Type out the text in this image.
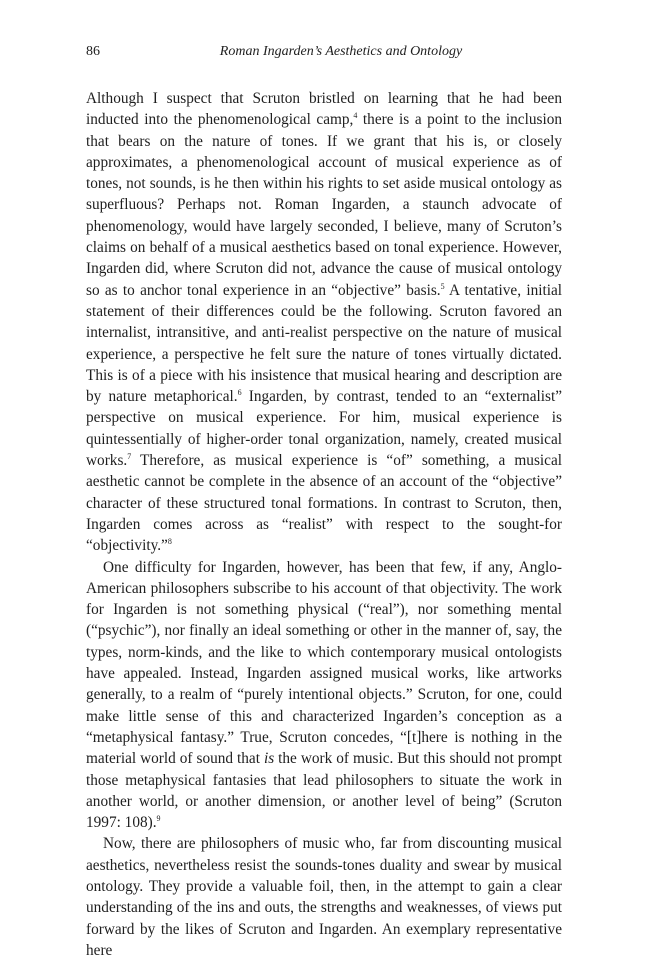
86	Roman Ingarden’s Aesthetics and Ontology

Although I suspect that Scruton bristled on learning that he had been inducted into the phenomenological camp,$^4$ there is a point to the inclusion that bears on the nature of tones. If we grant that his is, or closely approximates, a phenomenological account of musical experience as of tones, not sounds, is he then within his rights to set aside musical ontology as superfluous? Perhaps not. Roman Ingarden, a staunch advocate of phenomenology, would have largely seconded, I believe, many of Scruton’s claims on behalf of a musical aesthetics based on tonal experience. However, Ingarden did, where Scruton did not, advance the cause of musical ontology so as to anchor tonal experience in an “objective” basis.$^5$ A tentative, initial statement of their differences could be the following. Scruton favored an internalist, intransitive, and anti-realist perspective on the nature of musical experience, a perspective he felt sure the nature of tones virtually dictated. This is of a piece with his insistence that musical hearing and description are by nature metaphorical.$^6$ Ingarden, by contrast, tended to an “externalist” perspective on musical experience. For him, musical experience is quintessentially of higher-order tonal organization, namely, created musical works.$^7$ Therefore, as musical experience is “of” something, a musical aesthetic cannot be complete in the absence of an account of the “objective” character of these structured tonal formations. In contrast to Scruton, then, Ingarden comes across as “realist” with respect to the sought-for “objectivity.”$^8$

One difficulty for Ingarden, however, has been that few, if any, Anglo-American philosophers subscribe to his account of that objectivity. The work for Ingarden is not something physical (“real”), nor something mental (“psychic”), nor finally an ideal something or other in the manner of, say, the types, norm-kinds, and the like to which contemporary musical ontologists have appealed. Instead, Ingarden assigned musical works, like artworks generally, to a realm of “purely intentional objects.” Scruton, for one, could make little sense of this and characterized Ingarden’s conception as a “metaphysical fantasy.” True, Scruton concedes, “[t]here is nothing in the material world of sound that is the work of music. But this should not prompt those metaphysical fantasies that lead philosophers to situate the work in another world, or another dimension, or another level of being” (Scruton 1997: 108).$^9$

Now, there are philosophers of music who, far from discounting musical aesthetics, nevertheless resist the sounds-tones duality and swear by musical ontology. They provide a valuable foil, then, in the attempt to gain a clear understanding of the ins and outs, the strengths and weaknesses, of views put forward by the likes of Scruton and Ingarden. An exemplary representative here
